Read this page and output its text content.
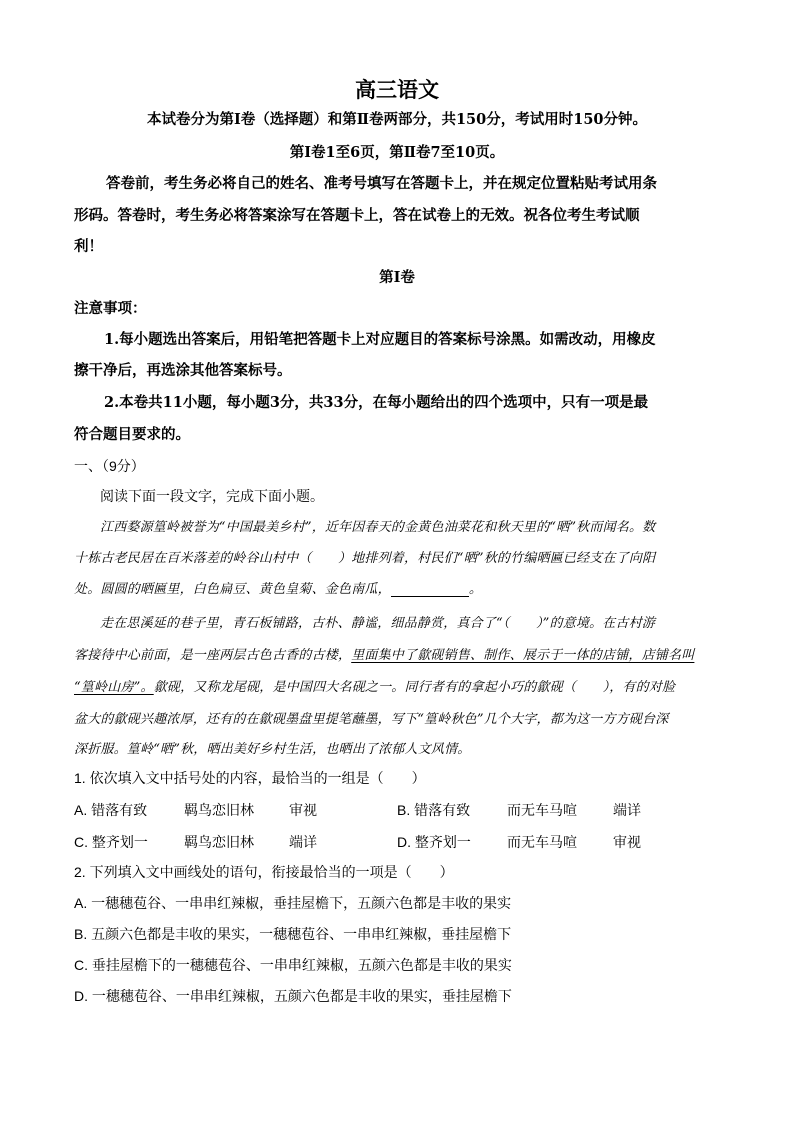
高三语文
本试卷分为第Ⅰ卷（选择题）和第Ⅱ卷两部分，共150分，考试用时150分钟。
第Ⅰ卷1至6页，第Ⅱ卷7至10页。
答卷前，考生务必将自己的姓名、准考号填写在答题卡上，并在规定位置粘贴考试用条
形码。答卷时，考生务必将答案涂写在答题卡上，答在试卷上的无效。祝各位考生考试顺
利！
第Ⅰ卷
注意事项：
1.每小题选出答案后，用铅笔把答题卡上对应题目的答案标号涂黑。如需改动，用橡皮
擦干净后，再选涂其他答案标号。
2.本卷共11小题，每小题3分，共33分，在每小题给出的四个选项中，只有一项是最
符合题目要求的。
一、（9分）
阅读下面一段文字，完成下面小题。
江西婺源篁岭被誉为“中国最美乡村”，近年因春天的金黄色油菜花和秋天里的“晒”秋而闻名。数
十栋古老民居在百米落差的岭谷山村中（　　）地排列着，村民们“晒”秋的竹编晒匾已经支在了向阳
处。圆圆的晒匾里，白色扁豆、黄色皇菊、金色南瓜，	。
走在思溪延的巷子里，青石板铺路，古朴、静谧，细品静赏，真合了“（　　）”的意境。在古村游
客接待中心前面，是一座两层古色古香的古楼，里面集中了歙砚销售、制作、展示于一体的店铺，店铺名叫
“篁岭山房”。歙砚，又称龙尾砚，是中国四大名砚之一。同行者有的拿起小巧的歙砚（　　），有的对脸
盆大的歙砚兴趣浓厚，还有的在歙砚墨盘里提笔蘸墨，写下“篁岭秋色”几个大字，都为这一方方砚台深
深折服。篁岭“晒”秋，晒出美好乡村生活，也晒出了浓郁人文风情。
1. 依次填入文中括号处的内容，最恰当的一组是（　　）
A. 错落有致	羁鸟恋旧林	审视	B. 错落有致	而无车马喧	端详
C. 整齐划一	羁鸟恋旧林	端详	D. 整齐划一	而无车马喧	审视
2. 下列填入文中画线处的语句，衔接最恰当的一项是（　　）
A. 一穗穗苞谷、一串串红辣椒，垂挂屋檐下，五颜六色都是丰收的果实
B. 五颜六色都是丰收的果实，一穗穗苞谷、一串串红辣椒，垂挂屋檐下
C. 垂挂屋檐下的一穗穗苞谷、一串串红辣椒，五颜六色都是丰收的果实
D. 一穗穗苞谷、一串串红辣椒，五颜六色都是丰收的果实，垂挂屋檐下
